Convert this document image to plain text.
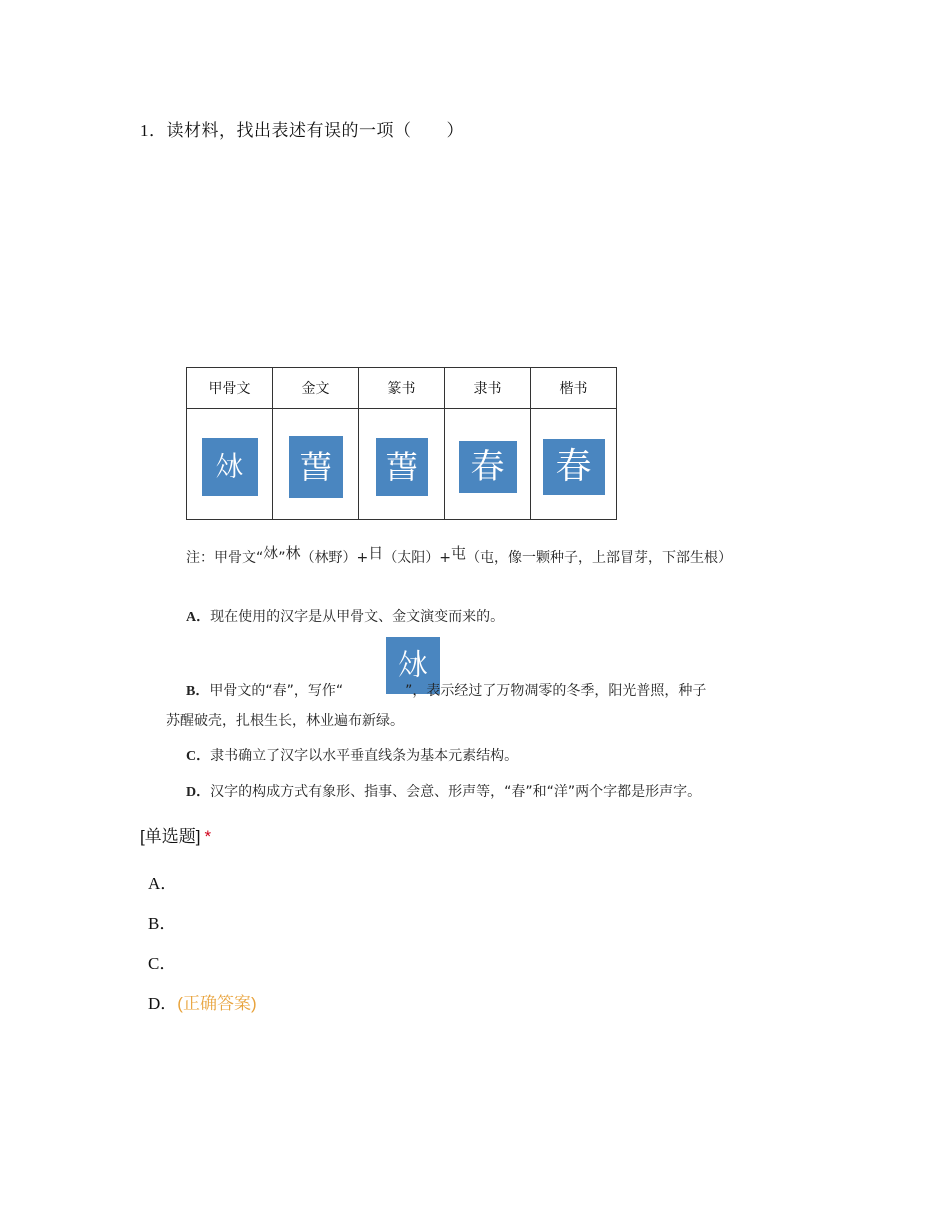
1．读材料，找出表述有误的一项（　　）
甲骨文	金文	篆书	隶书	楷书
𣲝	萅	萅	春	春
注：甲骨文“𣲝”林（林野）+日（太阳）+屯（屯，像一颗种子，上部冒芽，下部生根）
A．现在使用的汉字是从甲骨文、金文演变而来的。
𣲝
B．甲骨文的“春”，写作“	”，表示经过了万物凋零的冬季，阳光普照，种子
苏醒破壳，扎根生长，林业遍布新绿。
C．隶书确立了汉字以水平垂直线条为基本元素结构。
D．汉字的构成方式有象形、指事、会意、形声等，“春”和“洋”两个字都是形声字。
[单选题] *
A．
B．
C．
D．(正确答案)
